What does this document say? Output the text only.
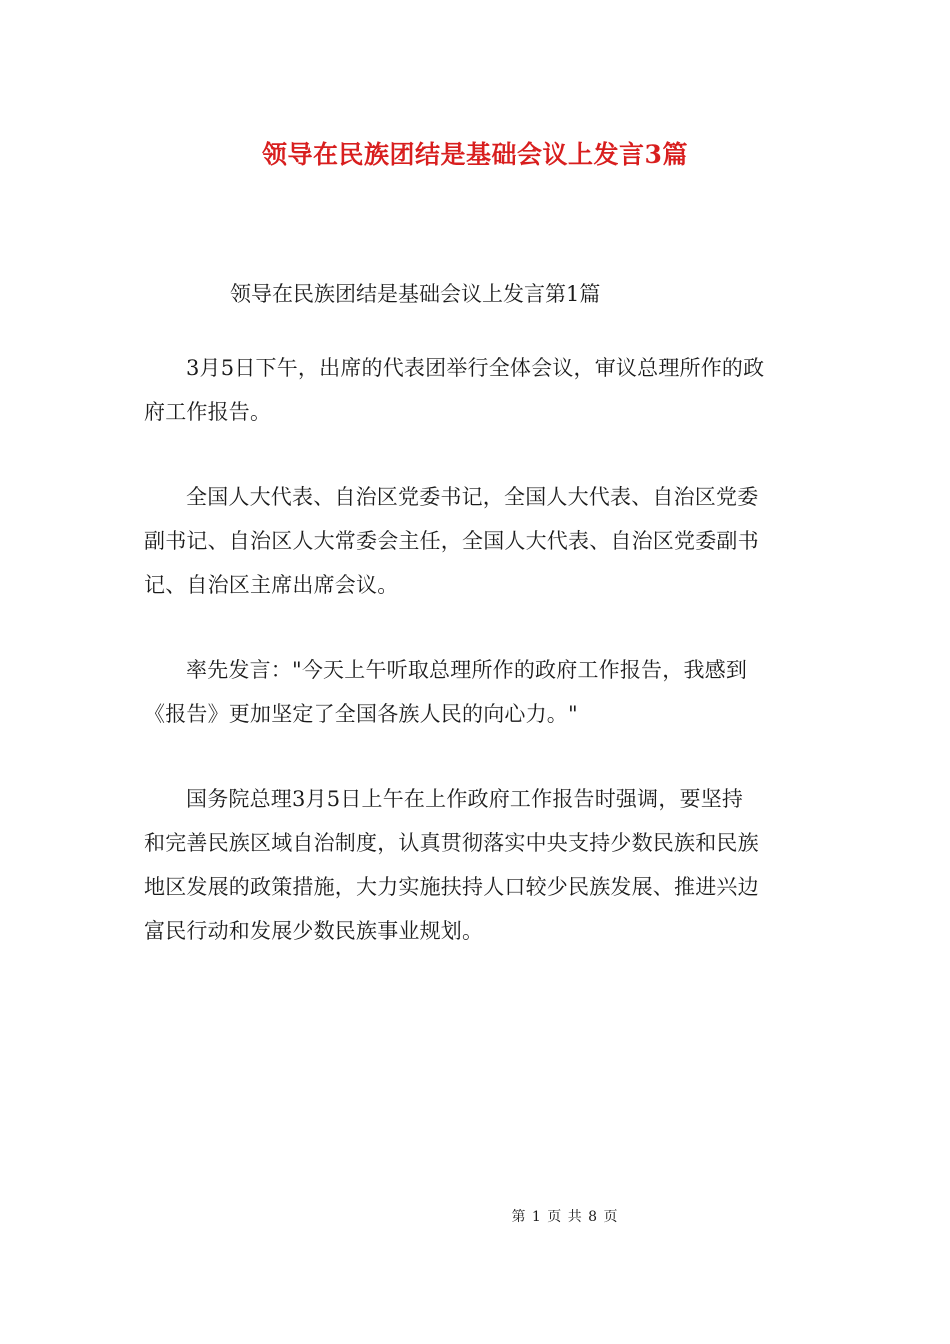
领导在民族团结是基础会议上发言3篇

领导在民族团结是基础会议上发言第1篇

3月5日下午，出席的代表团举行全体会议，审议总理所作的政
府工作报告。

全国人大代表、自治区党委书记，全国人大代表、自治区党委
副书记、自治区人大常委会主任，全国人大代表、自治区党委副书
记、自治区主席出席会议。

率先发言："今天上午听取总理所作的政府工作报告，我感到
《报告》更加坚定了全国各族人民的向心力。"

国务院总理3月5日上午在上作政府工作报告时强调，要坚持
和完善民族区域自治制度，认真贯彻落实中央支持少数民族和民族
地区发展的政策措施，大力实施扶持人口较少民族发展、推进兴边
富民行动和发展少数民族事业规划。

第 1 页 共 8 页
